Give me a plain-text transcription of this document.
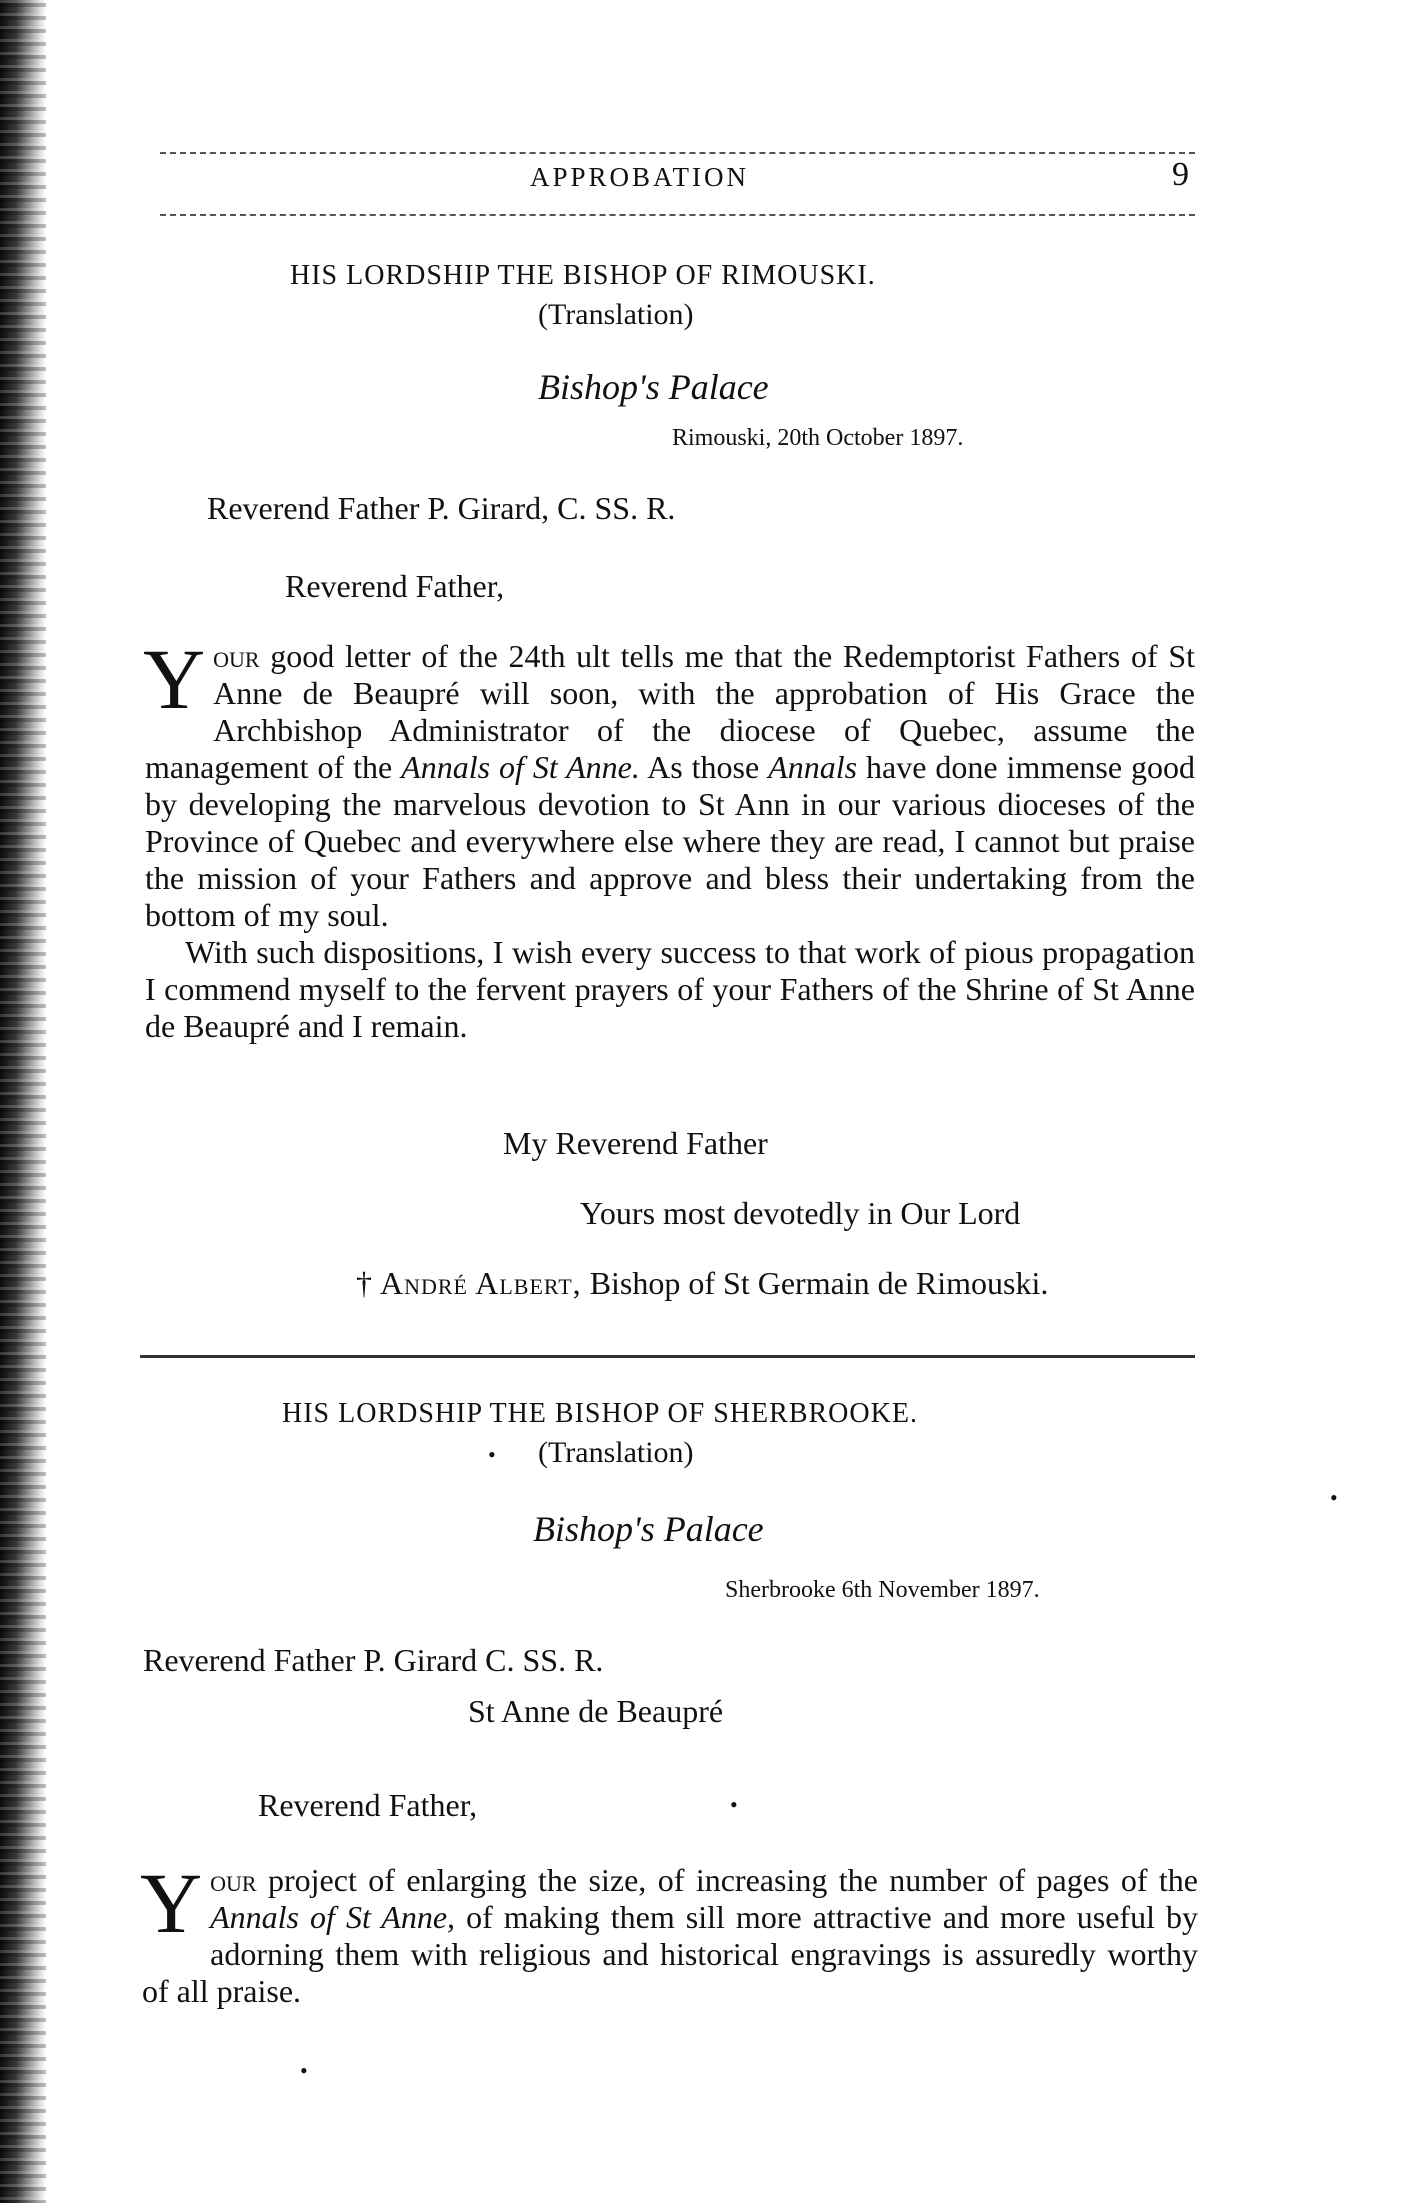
APPROBATION	9
HIS LORDSHIP THE BISHOP OF RIMOUSKI.
(Translation)
Bishop's Palace
Rimouski, 20th October 1897.
Reverend Father P. Girard, C. SS. R.
Reverend Father,

Your good letter of the 24th ult tells me that the Redemptorist Fathers of St Anne de Beaupré will soon, with the approbation of His Grace the Archbishop Administrator of the diocese of Quebec, assume the management of the Annals of St Anne. As those Annals have done immense good by developing the marvelous devotion to St Ann in our various dioceses of the Province of Quebec and everywhere else where they are read, I cannot but praise the mission of your Fathers and approve and bless their undertaking from the bottom of my soul.

With such dispositions, I wish every success to that work of pious propagation I commend myself to the fervent prayers of your Fathers of the Shrine of St Anne de Beaupré and I remain.

My Reverend Father
Yours most devotedly in Our Lord
† André Albert, Bishop of St Germain de Rimouski.
HIS LORDSHIP THE BISHOP OF SHERBROOKE.
• (Translation)
Bishop's Palace
Sherbrooke 6th November 1897.
Reverend Father P. Girard C. SS. R.
St Anne de Beaupré
Reverend Father,	•

Your project of enlarging the size, of increasing the number of pages of the Annals of St Anne, of making them sill more attractive and more useful by adorning them with religious and historical engravings is assuredly worthy of all praise.

•
•
